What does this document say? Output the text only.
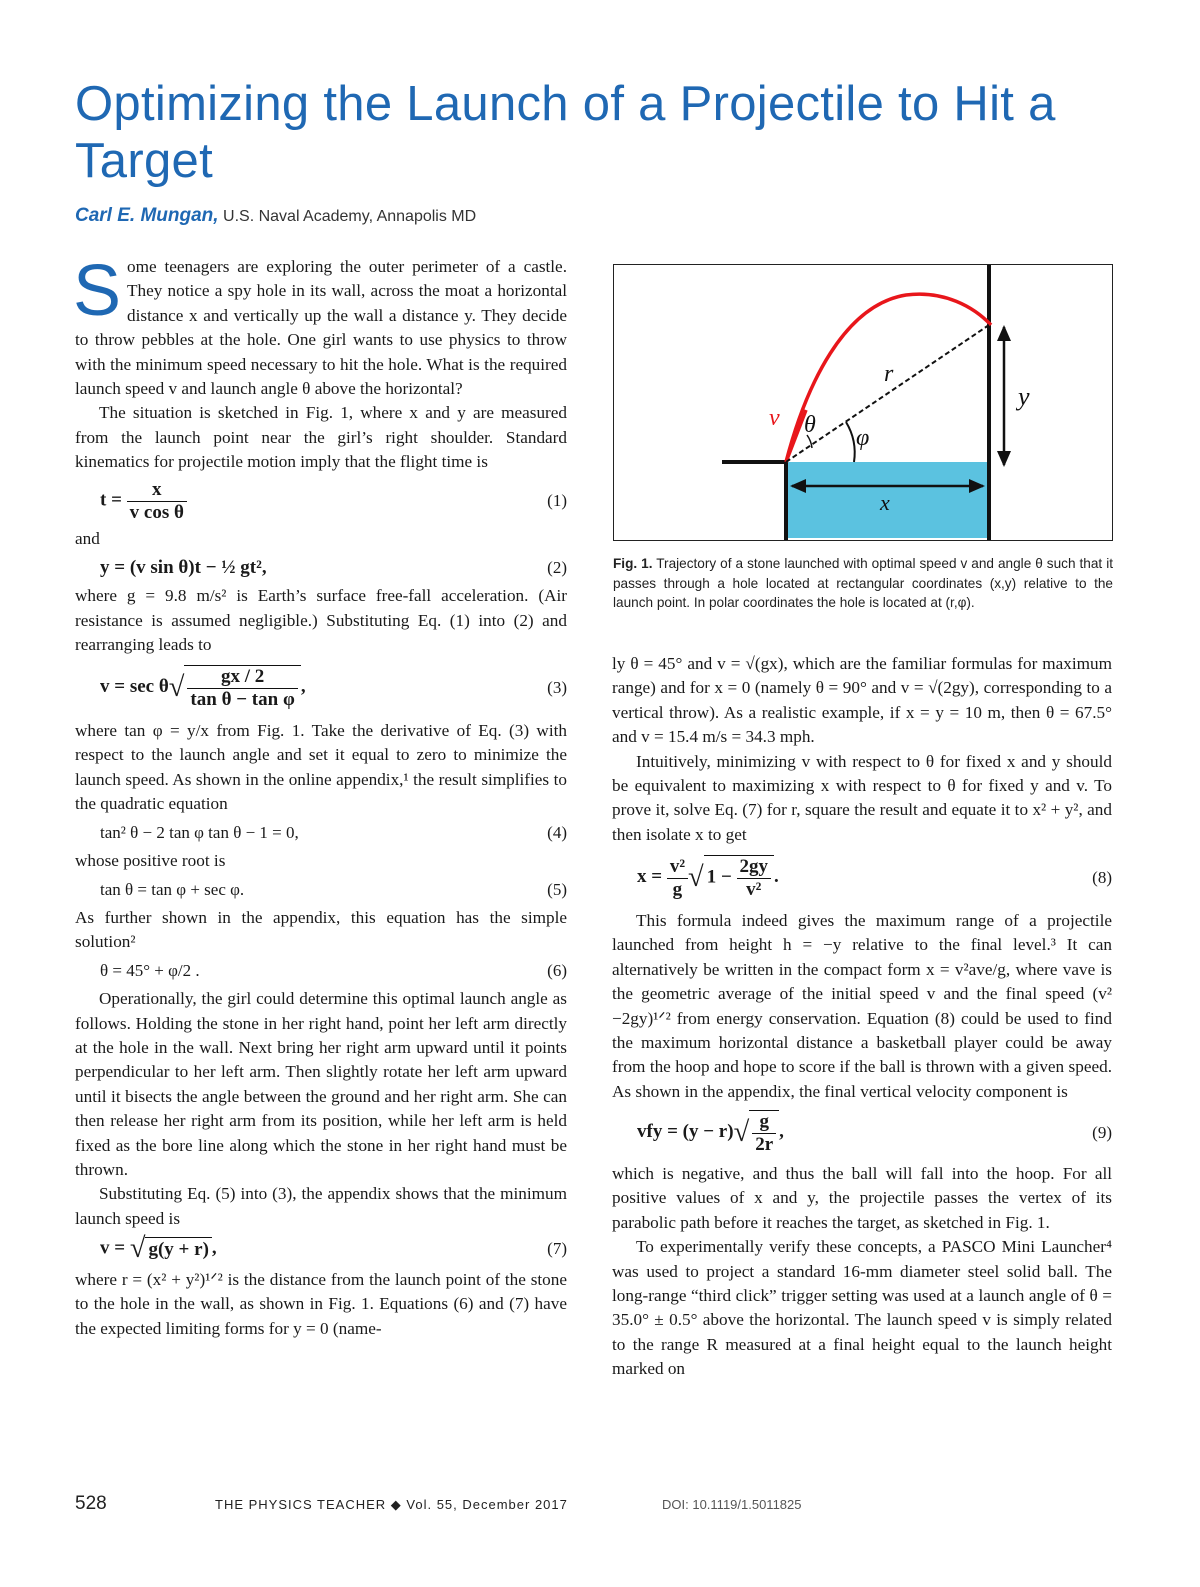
Optimizing the Launch of a Projectile to Hit a Target
Carl E. Mungan, U.S. Naval Academy, Annapolis MD

Some teenagers are exploring the outer perimeter of a castle. They notice a spy hole in its wall, across the moat a horizontal distance x and vertically up the wall a distance y. They decide to throw pebbles at the hole. One girl wants to use physics to throw with the minimum speed necessary to hit the hole. What is the required launch speed v and launch angle θ above the horizontal?

The situation is sketched in Fig. 1, where x and y are measured from the launch point near the girl’s right shoulder. Standard kinematics for projectile motion imply that the flight time is

$t = \frac{x}{\text{v cos θ}}$	(1)

and

y = (v sin θ)t − ½ gt²,	(2)

where g = 9.8 m/s² is Earth’s surface free-fall acceleration. (Air resistance is assumed negligible.) Substituting Eq. (1) into (2) and rearranging leads to

v = sec θ √ $\frac{gx / 2}{\text{tan θ − tan φ}}$ ,	(3)

where tan φ = y/x from Fig. 1. Take the derivative of Eq. (3) with respect to the launch angle and set it equal to zero to minimize the launch speed. As shown in the online appendix,¹ the result simplifies to the quadratic equation

tan² θ − 2 tan φ tan θ − 1 = 0,	(4)

whose positive root is

tan θ = tan φ + sec φ.	(5)

As further shown in the appendix, this equation has the simple solution²

θ = 45° + φ/2 .	(6)

Operationally, the girl could determine this optimal launch angle as follows. Holding the stone in her right hand, point her left arm directly at the hole in the wall. Next bring her right arm upward until it points perpendicular to her left arm. Then slightly rotate her left arm upward until it bisects the angle between the ground and her right arm. She can then release her right arm from its position, while her left arm is held fixed as the bore line along which the stone in her right hand must be thrown.

Substituting Eq. (5) into (3), the appendix shows that the minimum launch speed is

v = √ g(y + r) ,	(7)

where r = (x² + y²)¹ᐟ² is the distance from the launch point of the stone to the hole in the wall, as shown in Fig. 1. Equations (6) and (7) have the expected limiting forms for y = 0 (name-

v θ
r
φ
y
x
Fig. 1. Trajectory of a stone launched with optimal speed v and angle θ such that it passes through a hole located at rectangular coordinates (x,y) relative to the launch point. In polar coordinates the hole is located at (r,φ).

ly θ = 45° and v = √(gx), which are the familiar formulas for maximum range) and for x = 0 (namely θ = 90° and v = √(2gy), corresponding to a vertical throw). As a realistic example, if x = y = 10 m, then θ = 67.5° and v = 15.4 m/s = 34.3 mph.

Intuitively, minimizing v with respect to θ for fixed x and y should be equivalent to maximizing x with respect to θ for fixed y and v. To prove it, solve Eq. (7) for r, square the result and equate it to x² + y², and then isolate x to get

$x = \frac{\text{v²}}{g}$ √ $1 - \frac{2gy}{\text{v²}}$ .	(8)

This formula indeed gives the maximum range of a projectile launched from height h = −y relative to the final level.³ It can alternatively be written in the compact form x = v²ave/g, where vave is the geometric average of the initial speed v and the final speed (v² −2gy)¹ᐟ² from energy conservation. Equation (8) could be used to find the maximum horizontal distance a basketball player could be away from the hoop and hope to score if the ball is thrown with a given speed. As shown in the appendix, the final vertical velocity component is

vfy = (y − r) √ $\frac{g}{2r}$ ,	(9)

which is negative, and thus the ball will fall into the hoop. For all positive values of x and y, the projectile passes the vertex of its parabolic path before it reaches the target, as sketched in Fig. 1.

To experimentally verify these concepts, a PASCO Mini Launcher⁴ was used to project a standard 16-mm diameter steel solid ball. The long-range “third click” trigger setting was used at a launch angle of θ = 35.0° ± 0.5° above the horizontal. The launch speed v is simply related to the range R measured at a final height equal to the launch height marked on

528	THE PHYSICS TEACHER ◆ Vol. 55, December 2017	DOI: 10.1119/1.5011825
